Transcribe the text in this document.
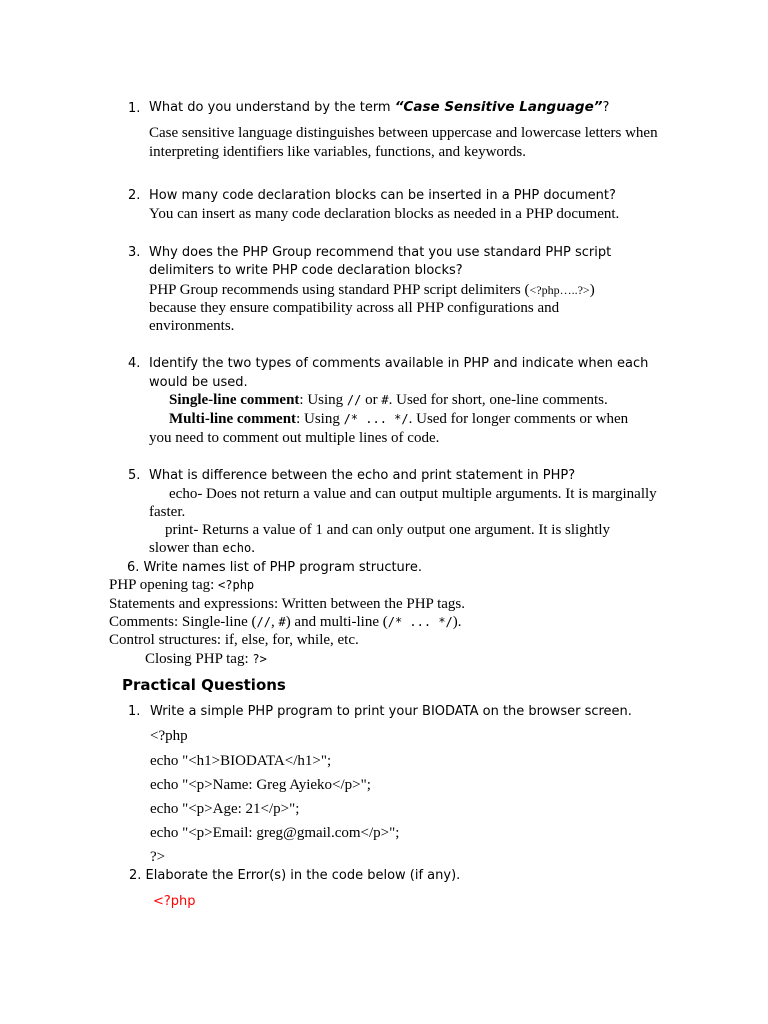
1. What do you understand by the term “Case Sensitive Language”?
Case sensitive language distinguishes between uppercase and lowercase letters when
interpreting identifiers like variables, functions, and keywords.
2. How many code declaration blocks can be inserted in a PHP document?
You can insert as many code declaration blocks as needed in a PHP document.
3. Why does the PHP Group recommend that you use standard PHP script
delimiters to write PHP code declaration blocks?
PHP Group recommends using standard PHP script delimiters (<?php…..?>)
because they ensure compatibility across all PHP configurations and
environments.
4. Identify the two types of comments available in PHP and indicate when each
would be used.
Single-line comment: Using // or #. Used for short, one-line comments.
Multi-line comment: Using /* ... */. Used for longer comments or when
you need to comment out multiple lines of code.
5. What is difference between the echo and print statement in PHP?
echo- Does not return a value and can output multiple arguments. It is marginally
faster.
print- Returns a value of 1 and can only output one argument. It is slightly
slower than echo.
6. Write names list of PHP program structure.
PHP opening tag: <?php
Statements and expressions: Written between the PHP tags.
Comments: Single-line (//, #) and multi-line (/* ... */).
Control structures: if, else, for, while, etc.
Closing PHP tag: ?>
Practical Questions
1. Write a simple PHP program to print your BIODATA on the browser screen.
<?php
echo "<h1>BIODATA</h1>";
echo "<p>Name: Greg Ayieko</p>";
echo "<p>Age: 21</p>";
echo "<p>Email: greg@gmail.com</p>";
?>
2. Elaborate the Error(s) in the code below (if any).
<?php
